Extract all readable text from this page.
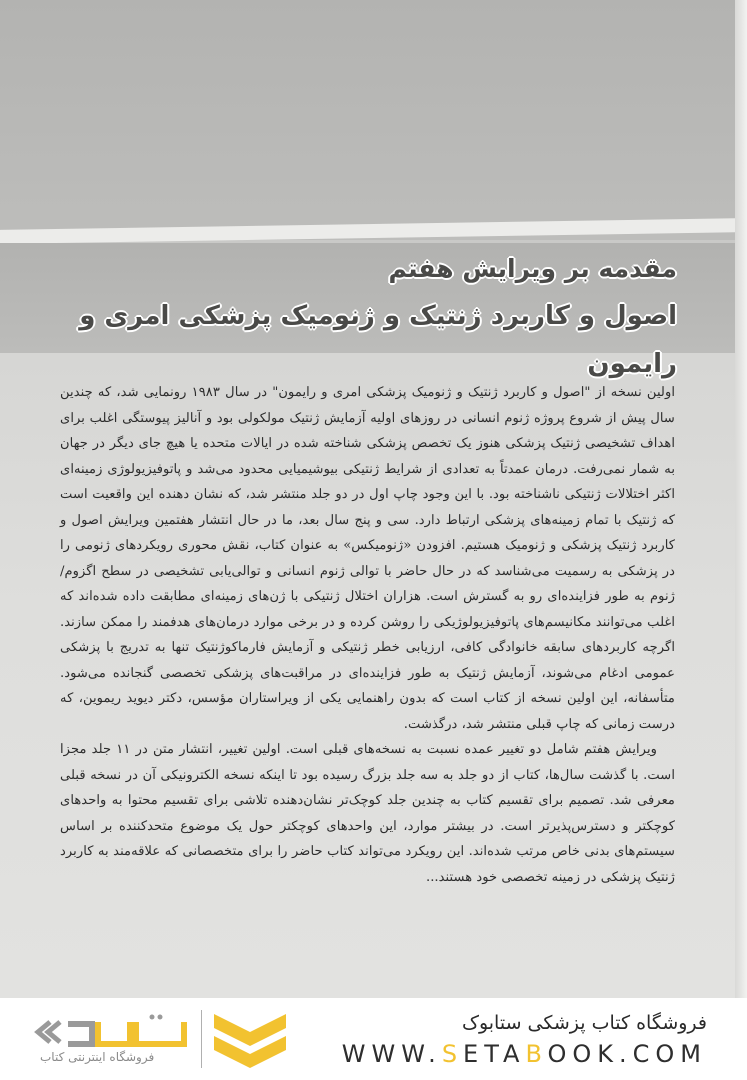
مقدمه بر ویرایش هفتم
اصول و کاربرد ژنتیک و ژنومیک پزشکی امری و رایمون

اولین نسخه از "اصول و کاربرد ژنتیک و ژنومیک پزشکی امری و رایمون" در سال ۱۹۸۳ رونمایی شد، که چندین سال پیش از شروع پروژه ژنوم انسانی در روزهای اولیه آزمایش ژنتیک مولکولی بود و آنالیز پیوستگی اغلب برای اهداف تشخیصی ژنتیک پزشکی هنوز یک تخصص پزشکی شناخته شده در ایالات متحده یا هیچ جای دیگر در جهان به شمار نمی‌رفت. درمان عمدتاً به تعدادی از شرایط ژنتیکی بیوشیمیایی محدود می‌شد و پاتوفیزیولوژی زمینه‌ای اکثر اختلالات ژنتیکی ناشناخته بود. با این وجود چاپ اول در دو جلد منتشر شد، که نشان دهنده این واقعیت است که ژنتیک با تمام زمینه‌های پزشکی ارتباط دارد. سی و پنج سال بعد، ما در حال انتشار هفتمین ویرایش اصول و کاربرد ژنتیک پزشکی و ژنومیک هستیم. افزودن «ژنومیکس» به عنوان کتاب، نقش محوری رویکردهای ژنومی را در پزشکی به رسمیت می‌شناسد که در حال حاضر با توالی ژنوم انسانی و توالی‌یابی تشخیصی در سطح اگزوم/ژنوم به طور فزاینده‌ای رو به گسترش است. هزاران اختلال ژنتیکی با ژن‌های زمینه‌ای مطابقت داده شده‌اند که اغلب می‌توانند مکانیسم‌های پاتوفیزیولوژیکی را روشن کرده و در برخی موارد درمان‌های هدفمند را ممکن سازند. اگرچه کاربردهای سابقه خانوادگی کافی، ارزیابی خطر ژنتیکی و آزمایش فارماکوژنتیک تنها به تدریج با پزشکی عمومی ادغام می‌شوند، آزمایش ژنتیک به طور فزاینده‌ای در مراقبت‌های پزشکی تخصصی گنجانده می‌شود. متأسفانه، این اولین نسخه از کتاب است که بدون راهنمایی یکی از ویراستاران مؤسس، دکتر دیوید ریموین، که درست زمانی که چاپ قبلی منتشر شد، درگذشت.

ویرایش هفتم شامل دو تغییر عمده نسبت به نسخه‌های قبلی است. اولین تغییر، انتشار متن در ۱۱ جلد مجزا است. با گذشت سال‌ها، کتاب از دو جلد به سه جلد بزرگ رسیده بود تا اینکه نسخه الکترونیکی آن در نسخه قبلی معرفی شد. تصمیم برای تقسیم کتاب به چندین جلد کوچک‌تر نشان‌دهنده تلاشی برای تقسیم محتوا به واحدهای کوچکتر و دسترس‌پذیرتر است. در بیشتر موارد، این واحدهای کوچکتر حول یک موضوع متحدکننده بر اساس سیستم‌های بدنی خاص مرتب شده‌اند. این رویکرد می‌تواند کتاب حاضر را برای متخصصانی که علاقه‌مند به کاربرد ژنتیک پزشکی در زمینه تخصصی خود هستند...

فروشگاه کتاب پزشکی ستابوک
WWW.SETABOOK.COM
فروشگاه اینترنتی کتاب
